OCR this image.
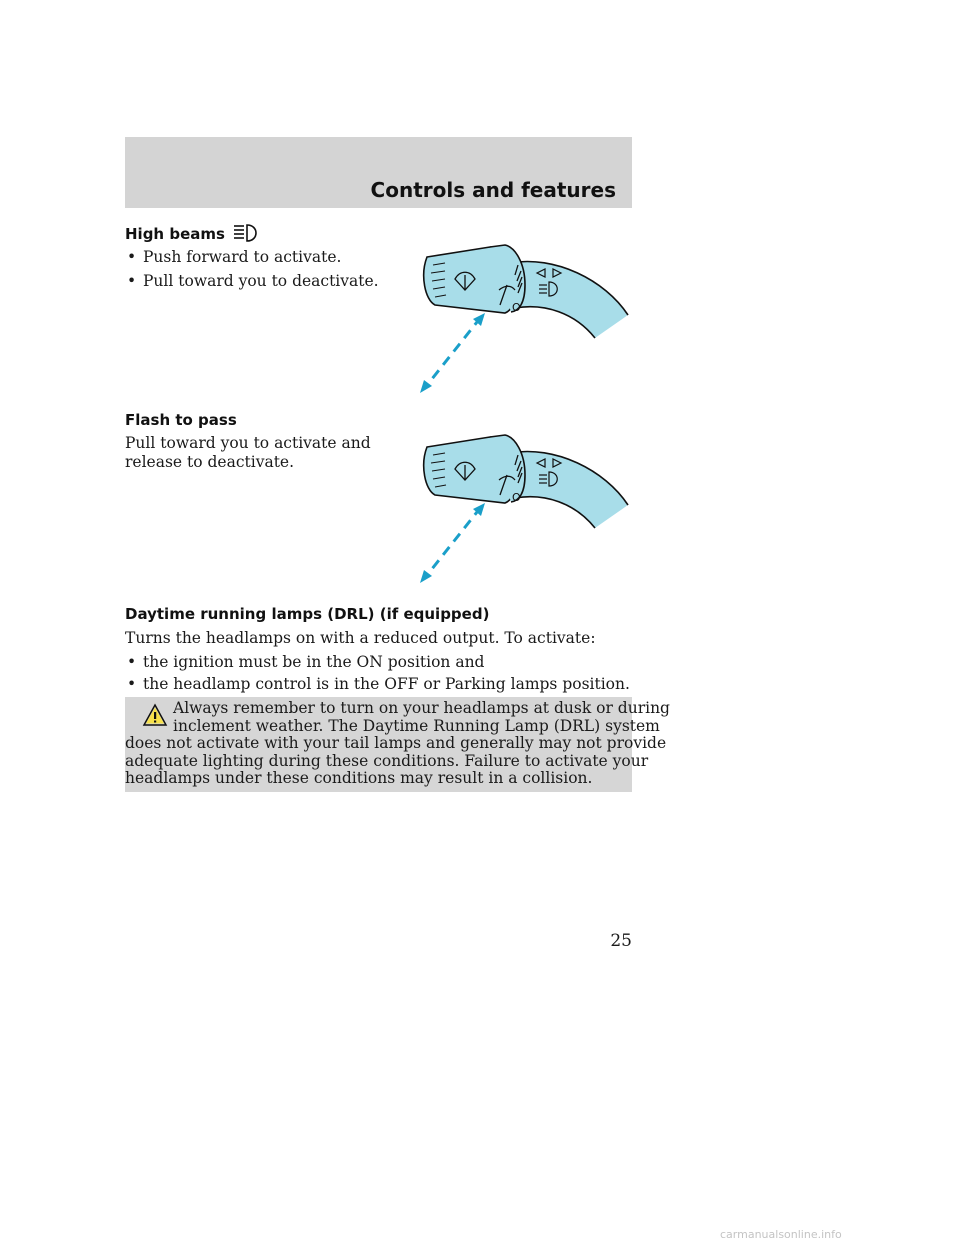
Controls and features
High beams
• Push forward to activate.
• Pull toward you to deactivate.
O
Flash to pass
Pull toward you to activate and
release to deactivate.
O
Daytime running lamps (DRL) (if equipped)
Turns the headlamps on with a reduced output. To activate:
• the ignition must be in the ON position and
• the headlamp control is in the OFF or Parking lamps position.
Always remember to turn on your headlamps at dusk or during
inclement weather. The Daytime Running Lamp (DRL) system
does not activate with your tail lamps and generally may not provide
adequate lighting during these conditions. Failure to activate your
headlamps under these conditions may result in a collision.
25
carmanualsonline.info
